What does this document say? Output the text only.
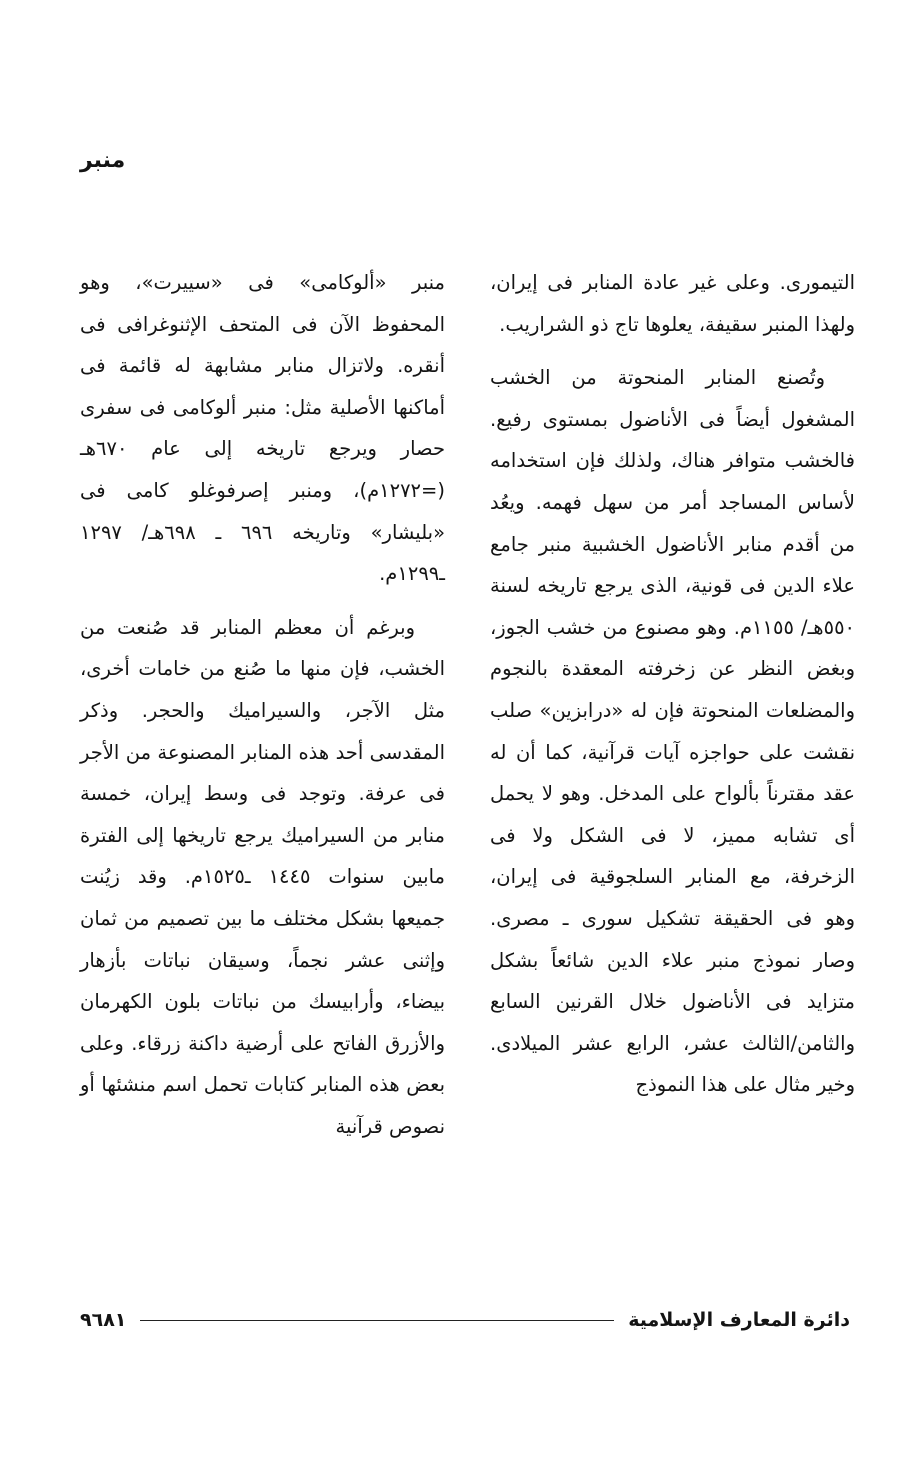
منبر

التيمورى. وعلى غير عادة المنابر فى إيران، ولهذا المنبر سقيفة، يعلوها تاج ذو الشراريب.

وتُصنع المنابر المنحوتة من الخشب المشغول أيضاً فى الأناضول بمستوى رفيع. فالخشب متوافر هناك، ولذلك فإن استخدامه لأساس المساجد أمر من سهل فهمه. ويعُد من أقدم منابر الأناضول الخشبية منبر جامع علاء الدين فى قونية، الذى يرجع تاريخه لسنة ٥٥٠هـ/ ١١٥٥م. وهو مصنوع من خشب الجوز، وبغض النظر عن زخرفته المعقدة بالنجوم والمضلعات المنحوتة فإن له «درابزين» صلب نقشت على حواجزه آيات قرآنية، كما أن له عقد مقترناً بألواح على المدخل. وهو لا يحمل أى تشابه مميز، لا فى الشكل ولا فى الزخرفة، مع المنابر السلجوقية فى إيران، وهو فى الحقيقة تشكيل سورى ـ مصرى. وصار نموذج منبر علاء الدين شائعاً بشكل متزايد فى الأناضول خلال القرنين السابع والثامن/الثالث عشر، الرابع عشر الميلادى. وخير مثال على هذا النموذج

منبر «ألوكامى» فى «سييرت»، وهو المحفوظ الآن فى المتحف الإثنوغرافى فى أنقره. ولاتزال منابر مشابهة له قائمة فى أماكنها الأصلية مثل: منبر ألوكامى فى سفرى حصار ويرجع تاريخه إلى عام ٦٧٠هـ (=١٢٧٢م)، ومنبر إصرفوغلو كامى فى «بليشار» وتاريخه ٦٩٦ ـ ٦٩٨هـ/ ١٢٩٧ ـ١٢٩٩م.

وبرغم أن معظم المنابر قد صُنعت من الخشب، فإن منها ما صُنع من خامات أخرى، مثل الآجر، والسيراميك والحجر. وذكر المقدسى أحد هذه المنابر المصنوعة من الأجر فى عرفة. وتوجد فى وسط إيران، خمسة منابر من السيراميك يرجع تاريخها إلى الفترة مابين سنوات ١٤٤٥ ـ١٥٢٥م. وقد زيُنت جميعها بشكل مختلف ما بين تصميم من ثمان وإثنى عشر نجماً، وسيقان نباتات بأزهار بيضاء، وأرابيسك من نباتات بلون الكهرمان والأزرق الفاتح على أرضية داكنة زرقاء. وعلى بعض هذه المنابر كتابات تحمل اسم منشئها أو نصوص قرآنية

دائرة المعارف الإسلامية
٩٦٨١
